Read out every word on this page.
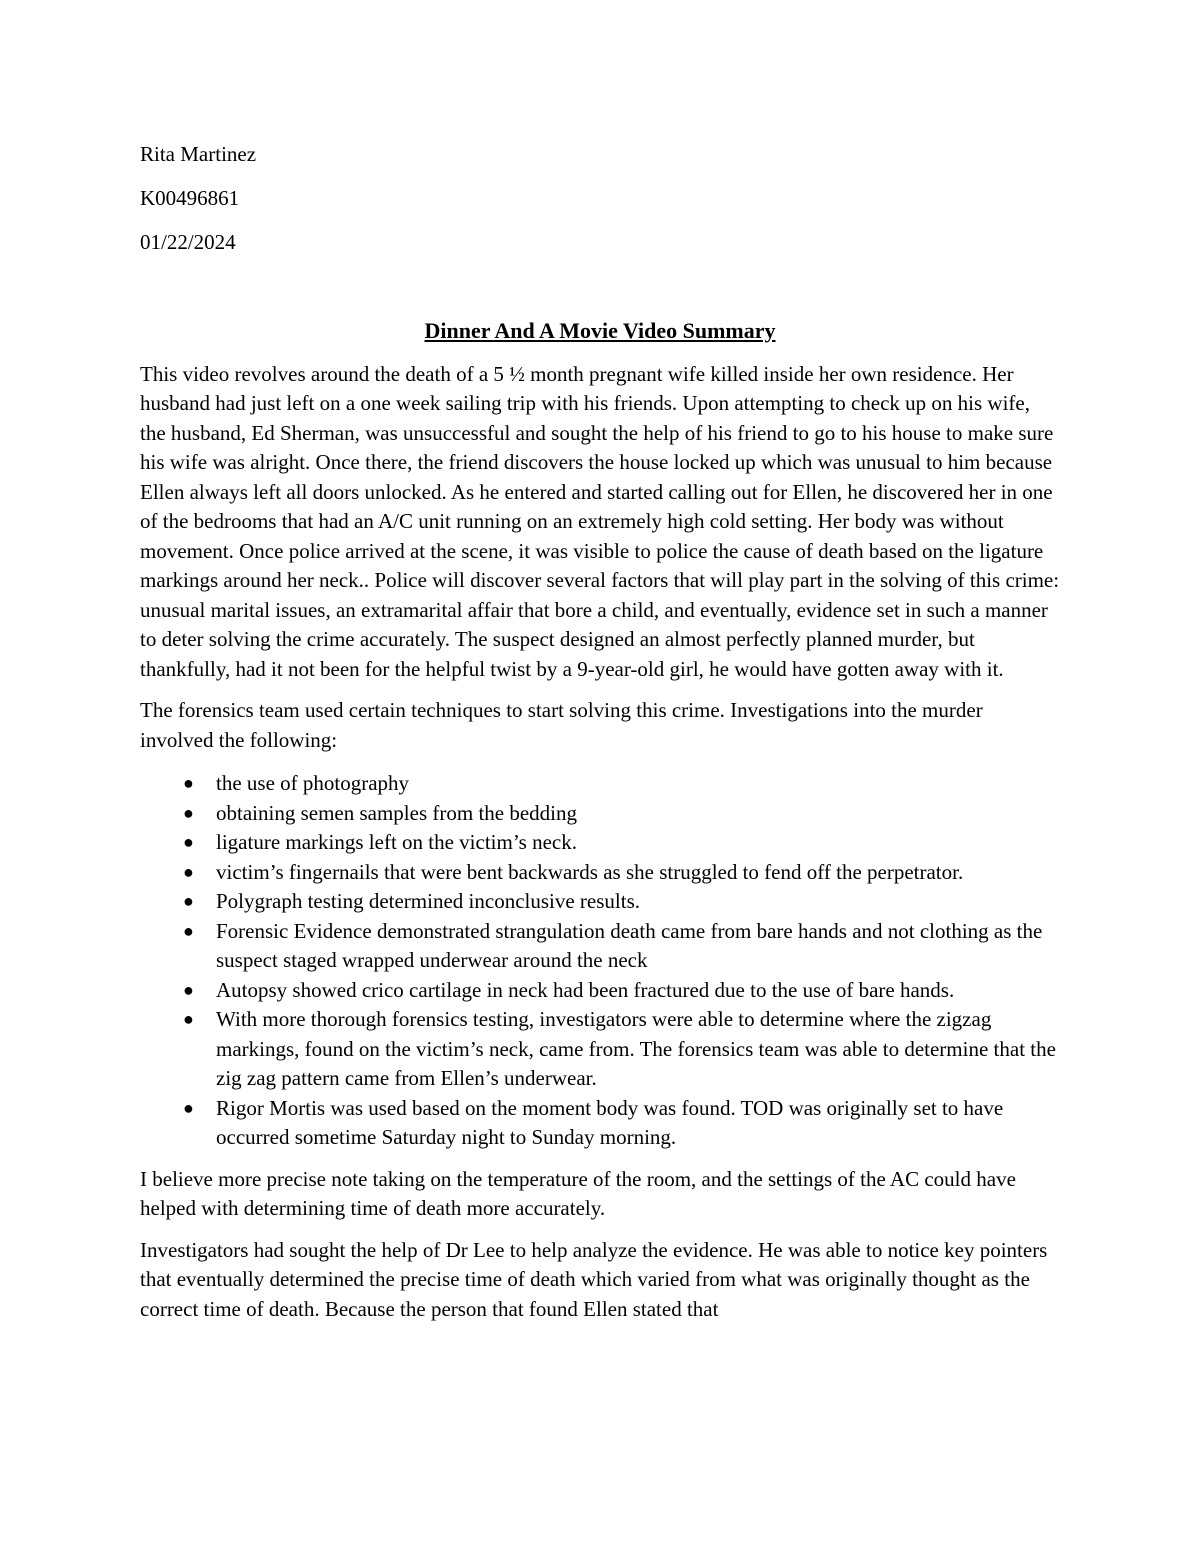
Rita Martinez
K00496861
01/22/2024
Dinner And A Movie Video Summary

This video revolves around the death of a 5 ½ month pregnant wife killed inside her own residence. Her husband had just left on a one week sailing trip with his friends. Upon attempting to check up on his wife, the husband, Ed Sherman, was unsuccessful and sought the help of his friend to go to his house to make sure his wife was alright. Once there, the friend discovers the house locked up which was unusual to him because Ellen always left all doors unlocked. As he entered and started calling out for Ellen, he discovered her in one of the bedrooms that had an A/C unit running on an extremely high cold setting. Her body was without movement. Once police arrived at the scene, it was visible to police the cause of death based on the ligature markings around her neck.. Police will discover several factors that will play part in the solving of this crime: unusual marital issues, an extramarital affair that bore a child, and eventually, evidence set in such a manner to deter solving the crime accurately. The suspect designed an almost perfectly planned murder, but thankfully, had it not been for the helpful twist by a 9-year-old girl, he would have gotten away with it.

The forensics team used certain techniques to start solving this crime. Investigations into the murder involved the following:

● the use of photography
● obtaining semen samples from the bedding
● ligature markings left on the victim’s neck.
● victim’s fingernails that were bent backwards as she struggled to fend off the perpetrator.
● Polygraph testing determined inconclusive results.
● Forensic Evidence demonstrated strangulation death came from bare hands and not clothing as the suspect staged wrapped underwear around the neck
● Autopsy showed crico cartilage in neck had been fractured due to the use of bare hands.
● With more thorough forensics testing, investigators were able to determine where the zigzag markings, found on the victim’s neck, came from. The forensics team was able to determine that the zig zag pattern came from Ellen’s underwear.
● Rigor Mortis was used based on the moment body was found. TOD was originally set to have occurred sometime Saturday night to Sunday morning.

I believe more precise note taking on the temperature of the room, and the settings of the AC could have helped with determining time of death more accurately.

Investigators had sought the help of Dr Lee to help analyze the evidence. He was able to notice key pointers that eventually determined the precise time of death which varied from what was originally thought as the correct time of death. Because the person that found Ellen stated that
